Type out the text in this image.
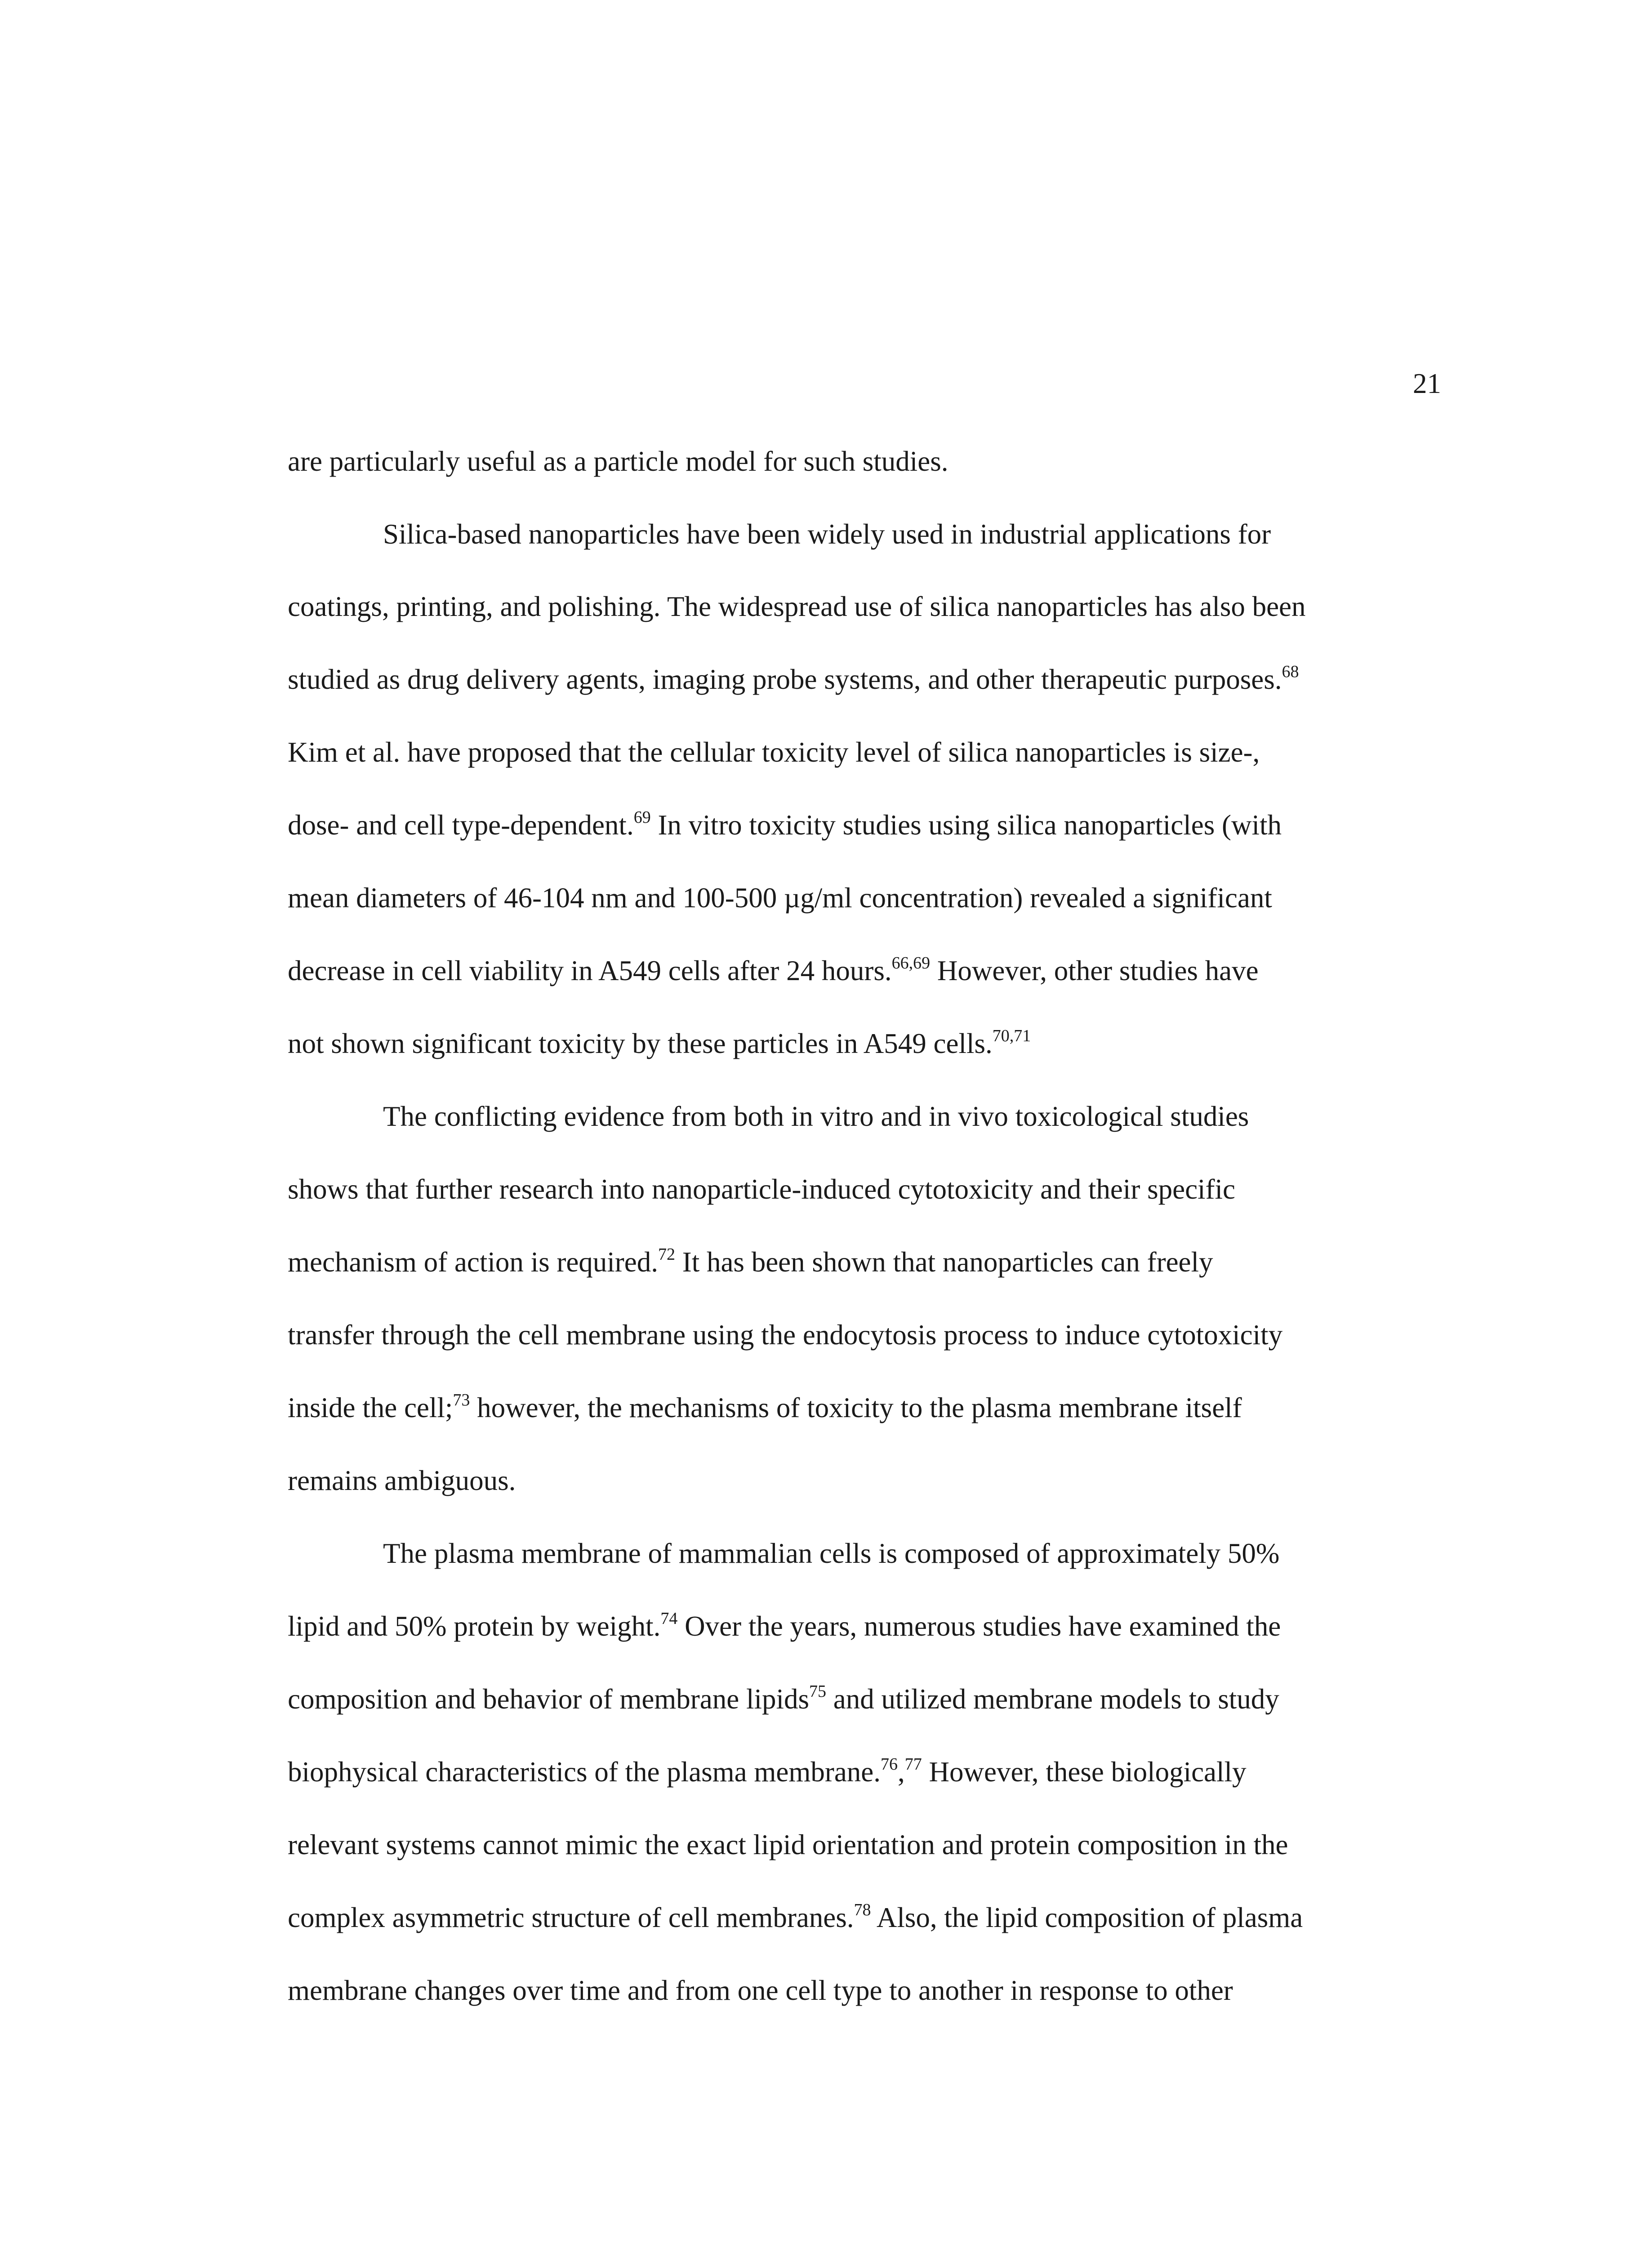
21
are particularly useful as a particle model for such studies.
Silica-based nanoparticles have been widely used in industrial applications for
coatings, printing, and polishing. The widespread use of silica nanoparticles has also been
studied as drug delivery agents, imaging probe systems, and other therapeutic purposes.$^{68}$
Kim et al. have proposed that the cellular toxicity level of silica nanoparticles is size-,
dose- and cell type-dependent.$^{69}$ In vitro toxicity studies using silica nanoparticles (with
mean diameters of 46-104 nm and 100-500 µg/ml concentration) revealed a significant
decrease in cell viability in A549 cells after 24 hours.$^{66,69}$ However, other studies have
not shown significant toxicity by these particles in A549 cells.$^{70,71}$
The conflicting evidence from both in vitro and in vivo toxicological studies
shows that further research into nanoparticle-induced cytotoxicity and their specific
mechanism of action is required.$^{72}$ It has been shown that nanoparticles can freely
transfer through the cell membrane using the endocytosis process to induce cytotoxicity
inside the cell;$^{73}$ however, the mechanisms of toxicity to the plasma membrane itself
remains ambiguous.
The plasma membrane of mammalian cells is composed of approximately 50%
lipid and 50% protein by weight.$^{74}$ Over the years, numerous studies have examined the
composition and behavior of membrane lipids$^{75}$ and utilized membrane models to study
biophysical characteristics of the plasma membrane.$^{76}$,$^{77}$ However, these biologically
relevant systems cannot mimic the exact lipid orientation and protein composition in the
complex asymmetric structure of cell membranes.$^{78}$ Also, the lipid composition of plasma
membrane changes over time and from one cell type to another in response to other
